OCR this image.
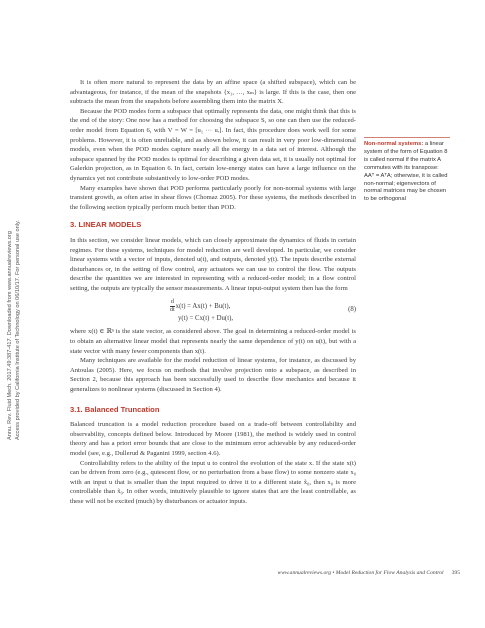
Annu. Rev. Fluid Mech. 2017.49:387-417. Downloaded from www.annualreviews.org Access provided by California Institute of Technology on 06/10/17. For personal use only.

It is often more natural to represent the data by an affine space (a shifted subspace), which can be advantageous, for instance, if the mean of the snapshots {x₁, …, xₘ} is large. If this is the case, then one subtracts the mean from the snapshots before assembling them into the matrix X.

Because the POD modes form a subspace that optimally represents the data, one might think that this is the end of the story: One now has a method for choosing the subspace S, so one can then use the reduced-order model from Equation 6, with V = W = [u₁ ··· uᵣ]. In fact, this procedure does work well for some problems. However, it is often unreliable, and as shown below, it can result in very poor low-dimensional models, even when the POD modes capture nearly all the energy in a data set of interest. Although the subspace spanned by the POD modes is optimal for describing a given data set, it is usually not optimal for Galerkin projection, as in Equation 6. In fact, certain low-energy states can have a large influence on the dynamics yet not contribute substantively to low-order POD modes.

Many examples have shown that POD performs particularly poorly for non-normal systems with large transient growth, as often arise in shear flows (Chomaz 2005). For these systems, the methods described in the following section typically perform much better than POD.

3. LINEAR MODELS

In this section, we consider linear models, which can closely approximate the dynamics of fluids in certain regimes. For these systems, techniques for model reduction are well developed. In particular, we consider linear systems with a vector of inputs, denoted u(t), and outputs, denoted y(t). The inputs describe external disturbances or, in the setting of flow control, any actuators we can use to control the flow. The outputs describe the quantities we are interested in representing with a reduced-order model; in a flow control setting, the outputs are typically the sensor measurements. A linear input-output system then has the form

$\frac{d}{dt} x(t) = Ax(t) + Bu(t)$,
y(t) = Cx(t) + Du(t),
(8)

where x(t) ∈ ℝⁿ is the state vector, as considered above. The goal in determining a reduced-order model is to obtain an alternative linear model that represents nearly the same dependence of y(t) on u(t), but with a state vector with many fewer components than x(t).

Many techniques are available for the model reduction of linear systems, for instance, as discussed by Antoulas (2005). Here, we focus on methods that involve projection onto a subspace, as described in Section 2, because this approach has been successfully used to describe flow mechanics and because it generalizes to nonlinear systems (discussed in Section 4).

3.1. Balanced Truncation

Balanced truncation is a model reduction procedure based on a trade-off between controllability and observability, concepts defined below. Introduced by Moore (1981), the method is widely used in control theory and has a priori error bounds that are close to the minimum error achievable by any reduced-order model (see, e.g., Dullerud & Paganini 1999, section 4.6).

Controllability refers to the ability of the input u to control the evolution of the state x. If the state x(t) can be driven from zero (e.g., quiescent flow, or no perturbation from a base flow) to some nonzero state x₀ with an input u that is smaller than the input required to drive it to a different state x̃₀, then x₀ is more controllable than x̃₀. In other words, intuitively plausible to ignore states that are the least controllable, as these will not be excited (much) by disturbances or actuator inputs.

Non-normal systems: a linear system of the form of Equation 8 is called normal if the matrix A commutes with its transpose: AAᵀ = AᵀA; otherwise, it is called non-normal; eigenvectors of normal matrices may be chosen to be orthogonal
www.annualreviews.org • Model Reduction for Flow Analysis and Control 395
